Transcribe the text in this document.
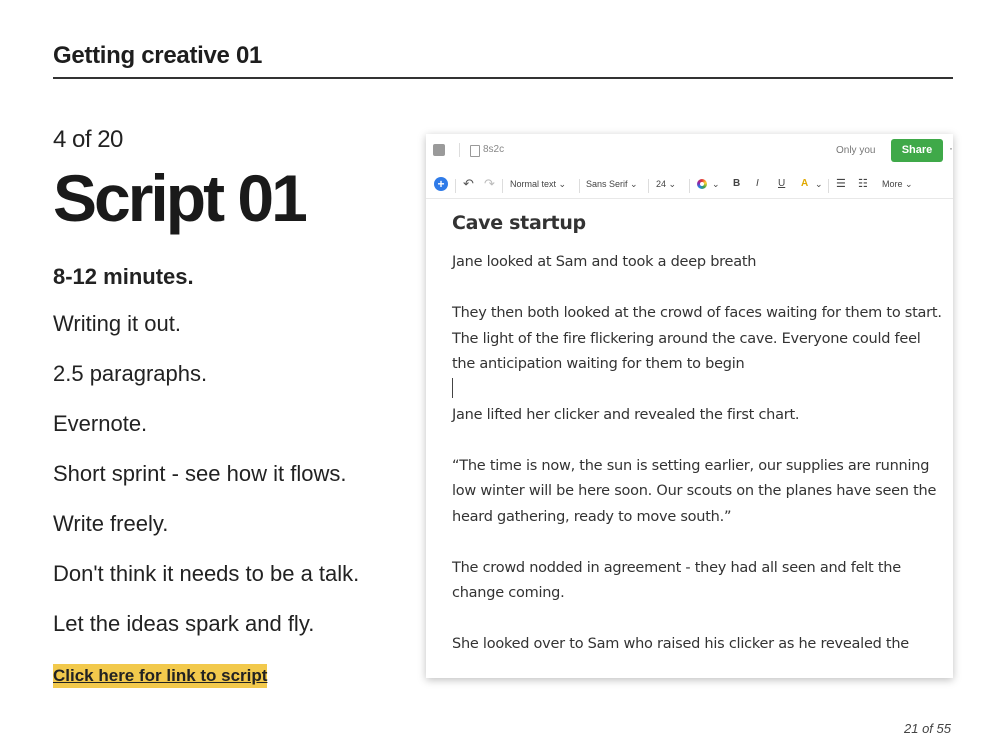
Getting creative 01
4 of 20
Script 01
8-12 minutes.
Writing it out.
2.5 paragraphs.
Evernote.
Short sprint - see how it flows.
Write freely.
Don't think it needs to be a talk.
Let the ideas spark and fly.
Click here for link to script
8s2c	Only you	Share	·
+ ↶ ↷ Normal text ⌄ Sans Serif ⌄ 24 ⌄	⌄ B I U A ⌄ ☰ ☷ More ⌄
Cave startup

Jane looked at Sam and took a deep breath

They then both looked at the crowd of faces waiting for them to start. The light of the fire flickering around the cave. Everyone could feel the anticipation waiting for them to begin

Jane lifted her clicker and revealed the first chart.

“The time is now, the sun is setting earlier, our supplies are running low winter will be here soon. Our scouts on the planes have seen the heard gathering, ready to move south.”

The crowd nodded in agreement - they had all seen and felt the change coming.

She looked over to Sam who raised his clicker as he revealed the

21 of 55
